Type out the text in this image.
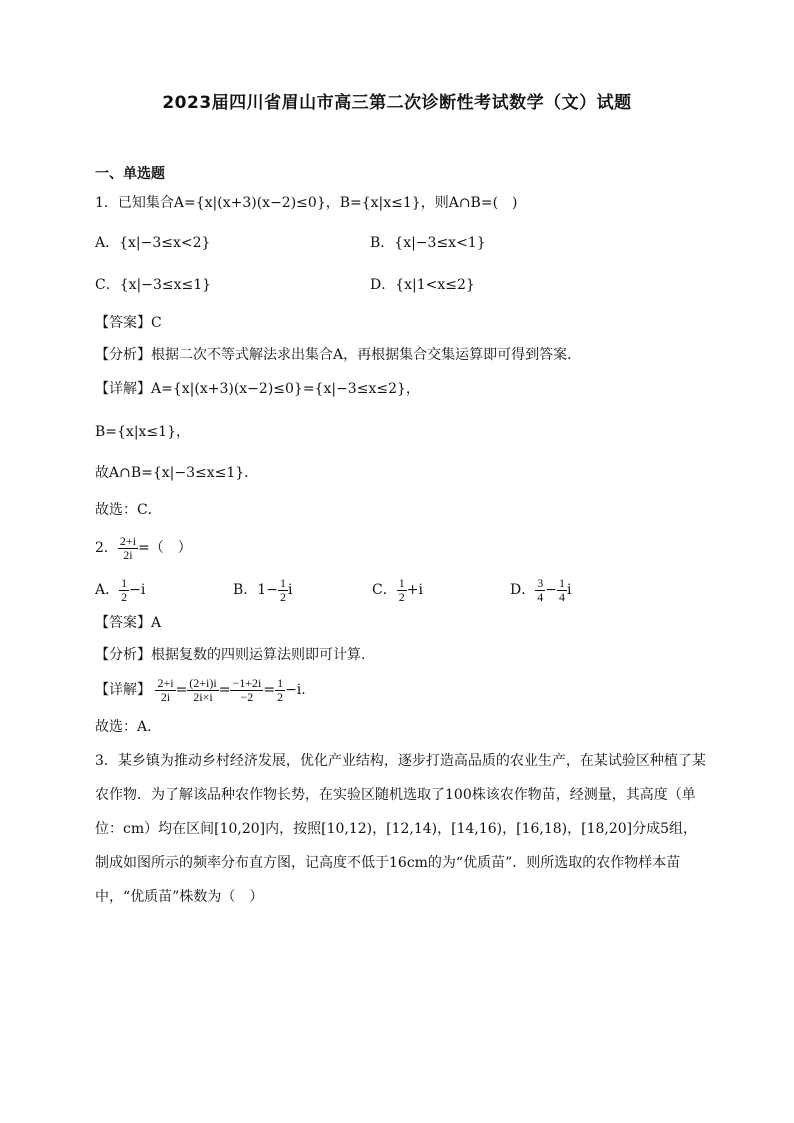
2023届四川省眉山市高三第二次诊断性考试数学（文）试题
一、单选题
1．已知集合A={x|(x+3)(x−2)≤0}，B={x|x≤1}，则A∩B=(　)
A．{x|−3≤x<2}	B．{x|−3≤x<1}
C．{x|−3≤x≤1}	D．{x|1<x≤2}
【答案】C
【分析】根据二次不等式解法求出集合A，再根据集合交集运算即可得到答案．
【详解】A={x|(x+3)(x−2)≤0}={x|−3≤x≤2}，
B={x|x≤1}，
故A∩B={x|−3≤x≤1}．
故选：C．
2． $\frac{2+i}{2i}$ =（　）
A． $\frac{1}{2} -i$	B．$1- \frac{1}{2}$ i	C． $\frac{1}{2} +i$	D． $\frac{3}{4} - \frac{1}{4}$ i
【答案】A
【分析】根据复数的四则运算法则即可计算.
【详解】 $\frac{2+i}{2i} = \frac{(2+i)i}{2i\times i} = \frac{-1+2i}{-2} = \frac{1}{2} -i$.
故选：A.
3．某乡镇为推动乡村经济发展，优化产业结构，逐步打造高品质的农业生产，在某试验区种植了某农作物．为了解该品种农作物长势，在实验区随机选取了100株该农作物苗，经测量，其高度（单位：cm）均在区间[10,20]内，按照[10,12)，[12,14)，[14,16)，[16,18)，[18,20]分成5组，制成如图所示的频率分布直方图，记高度不低于16cm的为“优质苗”．则所选取的农作物样本苗中，“优质苗”株数为（　）
